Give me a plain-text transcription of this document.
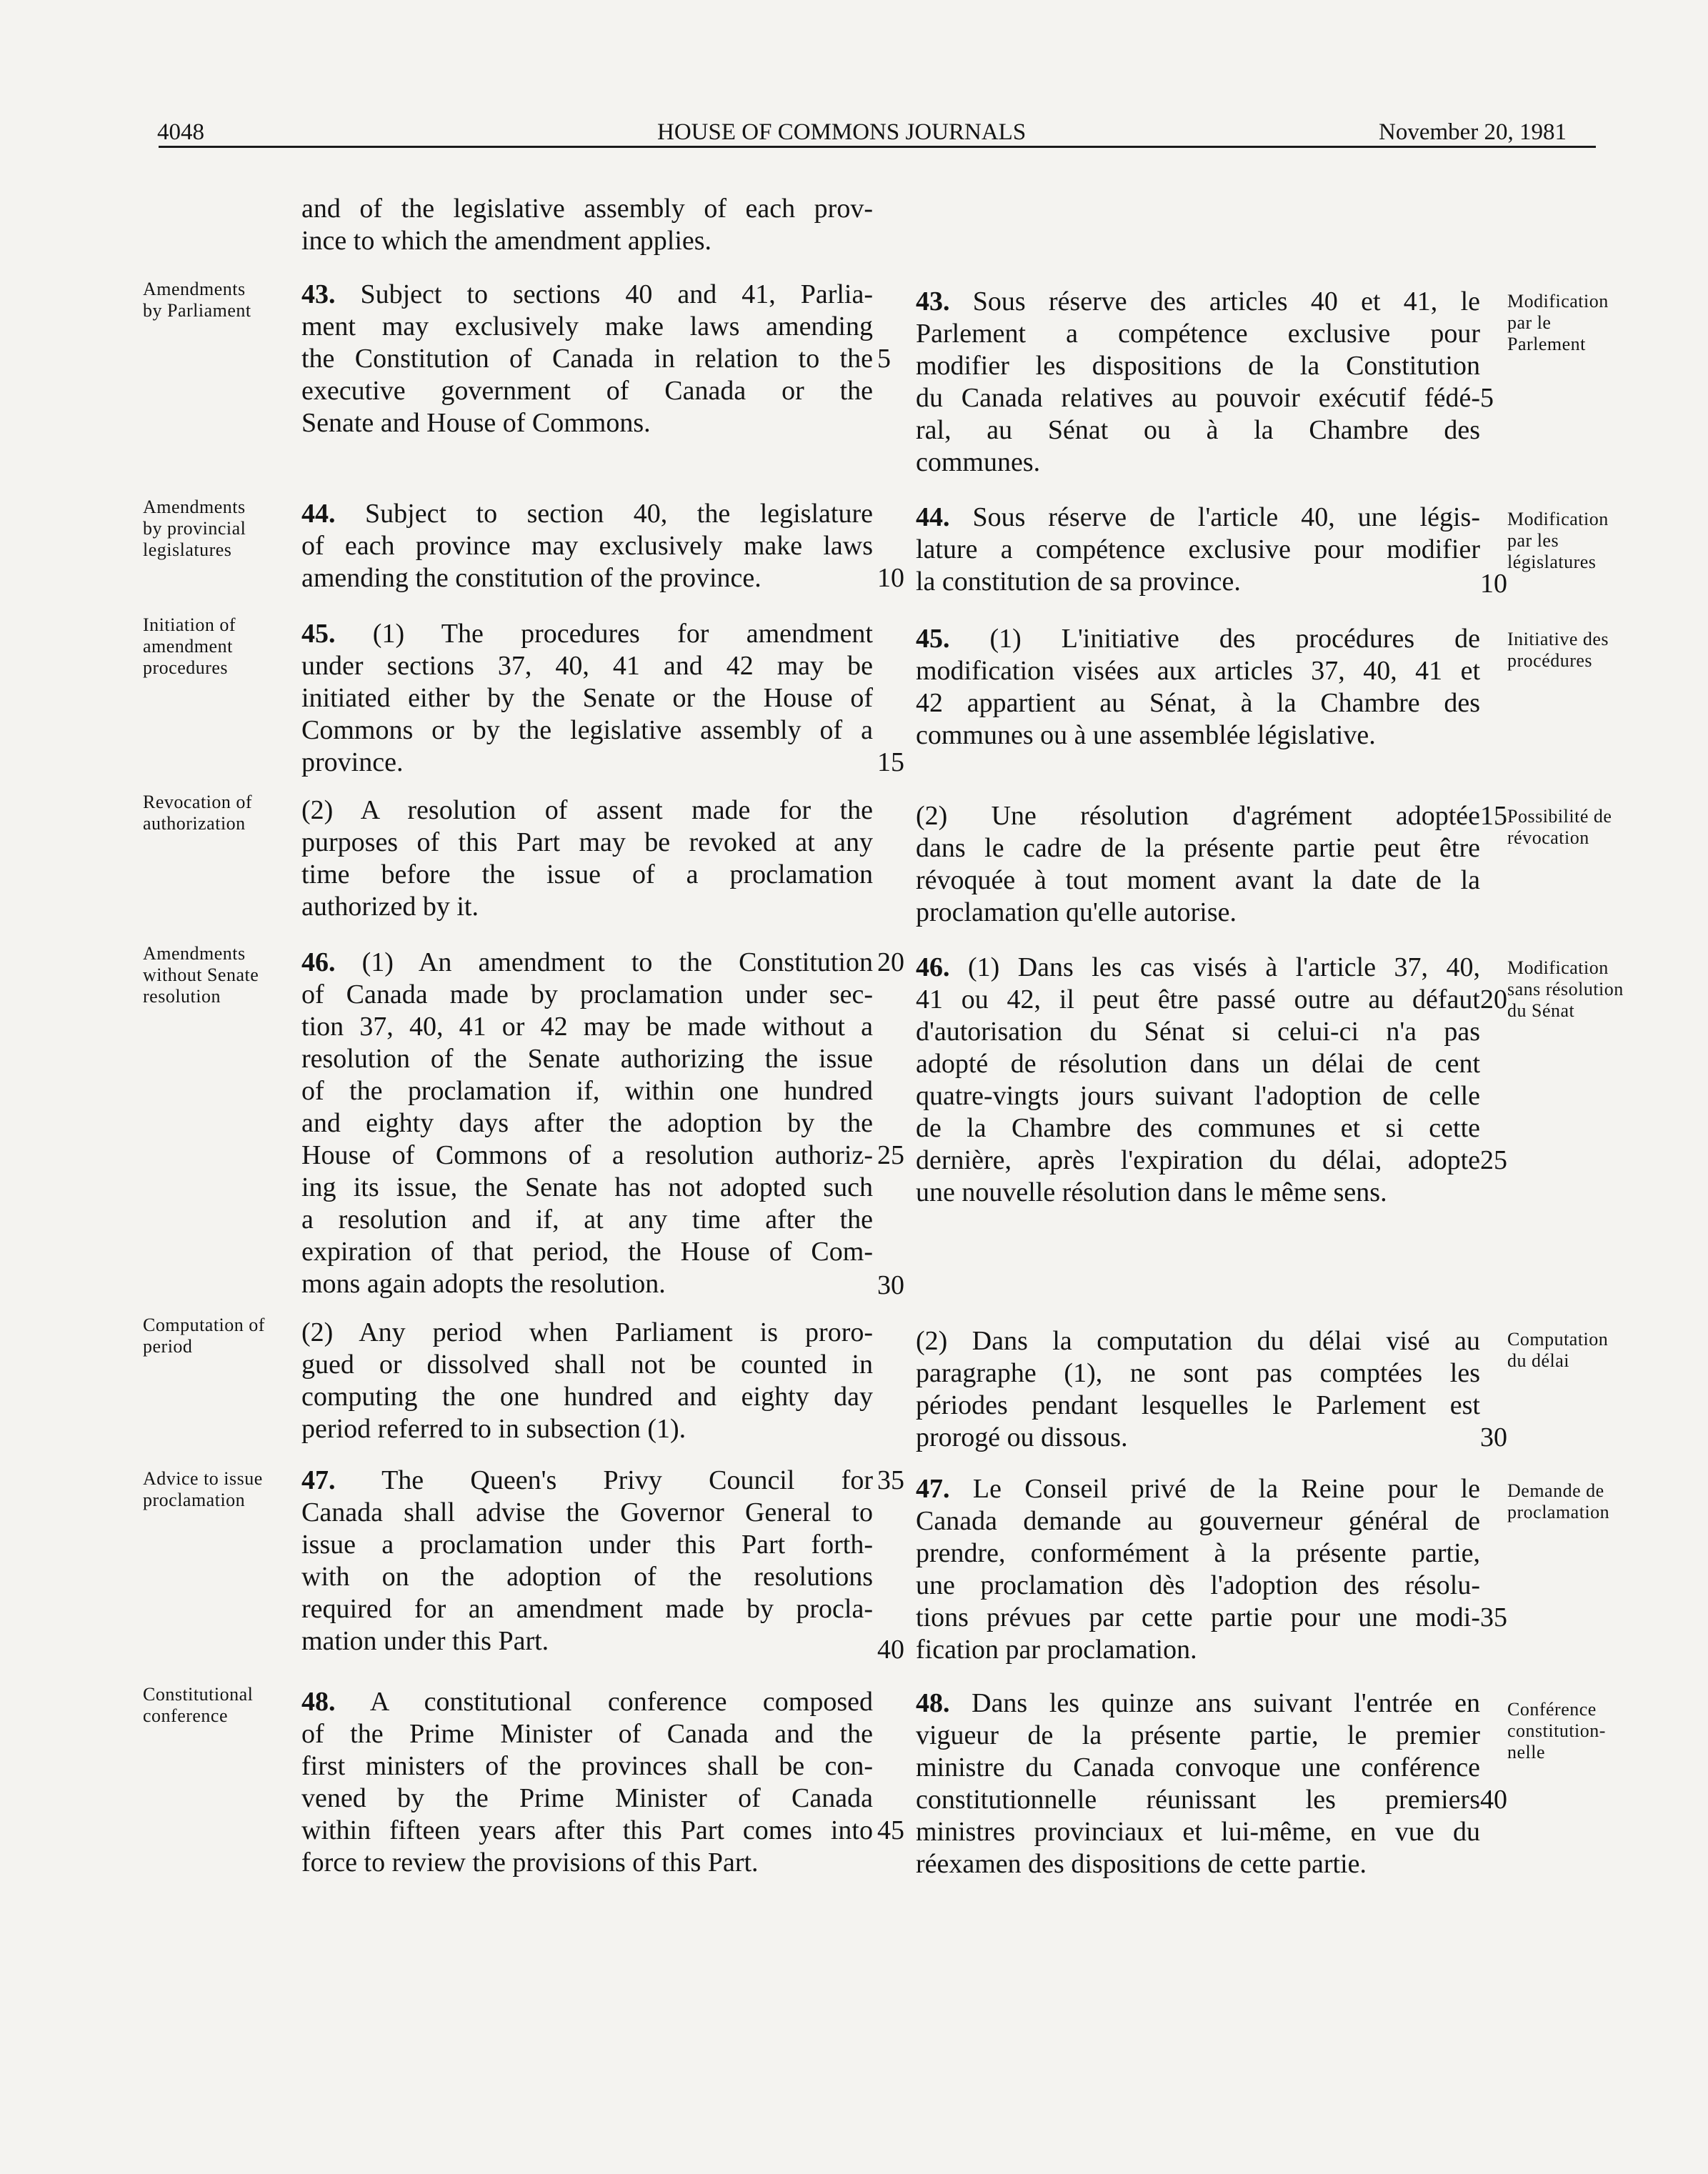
4048	HOUSE OF COMMONS JOURNALS	November 20, 1981
and of the legislative assembly of each prov-
ince to which the amendment applies.
Amendments
by Parliament	Modification
par le
Parlement
43. Subject to sections 40 and 41, Parlia-
ment may exclusively make laws amending
the Constitution of Canada in relation to the
executive government of Canada or the
Senate and House of Commons.
43. Sous réserve des articles 40 et 41, le
Parlement a compétence exclusive pour
modifier les dispositions de la Constitution
du Canada relatives au pouvoir exécutif fédé-
ral, au Sénat ou à la Chambre des
communes.
Amendments
by provincial
legislatures
Modification
par les
législatures
44. Subject to section 40, the legislature
of each province may exclusively make laws
amending the constitution of the province.
44. Sous réserve de l'article 40, une légis-
lature a compétence exclusive pour modifier
la constitution de sa province.
Initiation of
amendment
procedures
Initiative des
procédures
45. (1) The procedures for amendment
under sections 37, 40, 41 and 42 may be
initiated either by the Senate or the House of
Commons or by the legislative assembly of a
province.
45. (1) L'initiative des procédures de
modification visées aux articles 37, 40, 41 et
42 appartient au Sénat, à la Chambre des
communes ou à une assemblée législative.
Revocation of
authorization	Possibilité de
révocation
(2) A resolution of assent made for the
purposes of this Part may be revoked at any
time before the issue of a proclamation
authorized by it.
(2) Une résolution d'agrément adoptée
dans le cadre de la présente partie peut être
révoquée à tout moment avant la date de la
proclamation qu'elle autorise.
Amendments
without Senate
resolution
Modification
sans résolution
du Sénat
46. (1) An amendment to the Constitution
of Canada made by proclamation under sec-
tion 37, 40, 41 or 42 may be made without a
resolution of the Senate authorizing the issue
of the proclamation if, within one hundred
and eighty days after the adoption by the
House of Commons of a resolution authoriz-
ing its issue, the Senate has not adopted such
a resolution and if, at any time after the
expiration of that period, the House of Com-
mons again adopts the resolution.
46. (1) Dans les cas visés à l'article 37, 40,
41 ou 42, il peut être passé outre au défaut
d'autorisation du Sénat si celui-ci n'a pas
adopté de résolution dans un délai de cent
quatre-vingts jours suivant l'adoption de celle
de la Chambre des communes et si cette
dernière, après l'expiration du délai, adopte
une nouvelle résolution dans le même sens.
Computation of
period	Computation
du délai
(2) Any period when Parliament is proro-
gued or dissolved shall not be counted in
computing the one hundred and eighty day
period referred to in subsection (1).
(2) Dans la computation du délai visé au
paragraphe (1), ne sont pas comptées les
périodes pendant lesquelles le Parlement est
prorogé ou dissous.
Advice to issue
proclamation	Demande de
proclamation
47. The Queen's Privy Council for
Canada shall advise the Governor General to
issue a proclamation under this Part forth-
with on the adoption of the resolutions
required for an amendment made by procla-
mation under this Part.
47. Le Conseil privé de la Reine pour le
Canada demande au gouverneur général de
prendre, conformément à la présente partie,
une proclamation dès l'adoption des résolu-
tions prévues par cette partie pour une modi-
fication par proclamation.
Constitutional
conference	Conférence
constitution-
nelle
48. A constitutional conference composed
of the Prime Minister of Canada and the
first ministers of the provinces shall be con-
vened by the Prime Minister of Canada
within fifteen years after this Part comes into
force to review the provisions of this Part.
48. Dans les quinze ans suivant l'entrée en
vigueur de la présente partie, le premier
ministre du Canada convoque une conférence
constitutionnelle réunissant les premiers
ministres provinciaux et lui-même, en vue du
réexamen des dispositions de cette partie.
5
10
15
20
25
30
35
40
45
5
10
15
20
25
30
35
40
